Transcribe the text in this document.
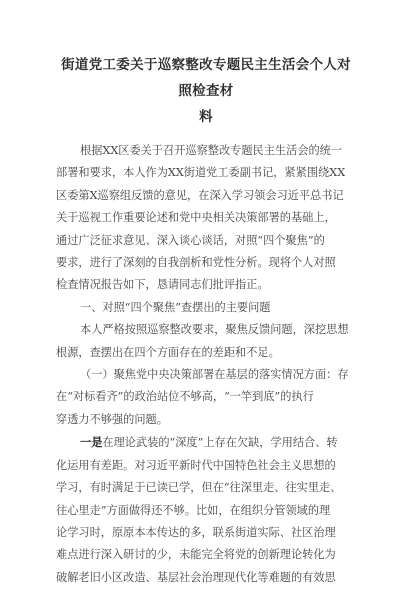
街道党工委关于巡察整改专题民主生活会个人对照检查材
料

根据XX区委关于召开巡察整改专题民主生活会的统一
部署和要求，本人作为XX街道党工委副书记，紧紧围绕XX
区委第X巡察组反馈的意见，在深入学习领会习近平总书记
关于巡视工作重要论述和党中央相关决策部署的基础上，
通过广泛征求意见、深入谈心谈话，对照“四个聚焦”的
要求，进行了深刻的自我剖析和党性分析。现将个人对照
检查情况报告如下，恳请同志们批评指正。

一、对照“四个聚焦”查摆出的主要问题

本人严格按照巡察整改要求，聚焦反馈问题，深挖思想
根源，查摆出在四个方面存在的差距和不足。

（一）聚焦党中央决策部署在基层的落实情况方面：存
在“对标看齐”的政治站位不够高，“一竿到底”的执行
穿透力不够强的问题。

一是在理论武装的“深度”上存在欠缺，学用结合、转
化运用有差距。对习近平新时代中国特色社会主义思想的
学习，有时满足于已读已学，但在“往深里走、往实里走、
往心里走”方面做得还不够。比如，在组织分管领域的理
论学习时，原原本本传达的多，联系街道实际、社区治理
难点进行深入研讨的少，未能完全将党的创新理论转化为
破解老旧小区改造、基层社会治理现代化等难题的有效思
